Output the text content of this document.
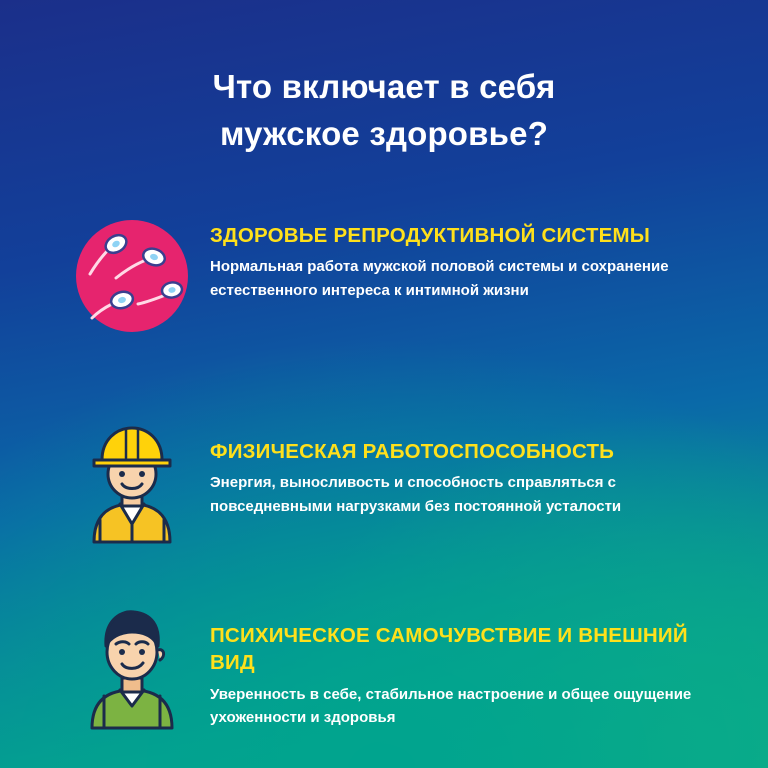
Что включает в себя
мужское здоровье?
ЗДОРОВЬЕ РЕПРОДУКТИВНОЙ СИСТЕМЫ
Нормальная работа мужской половой системы и сохранение естественного интереса к интимной жизни
ФИЗИЧЕСКАЯ РАБОТОСПОСОБНОСТЬ
Энергия, выносливость и способность справляться с повседневными нагрузками без постоянной усталости
ПСИХИЧЕСКОЕ САМОЧУВСТВИЕ И ВНЕШНИЙ ВИД
Уверенность в себе, стабильное настроение и общее ощущение ухоженности и здоровья
